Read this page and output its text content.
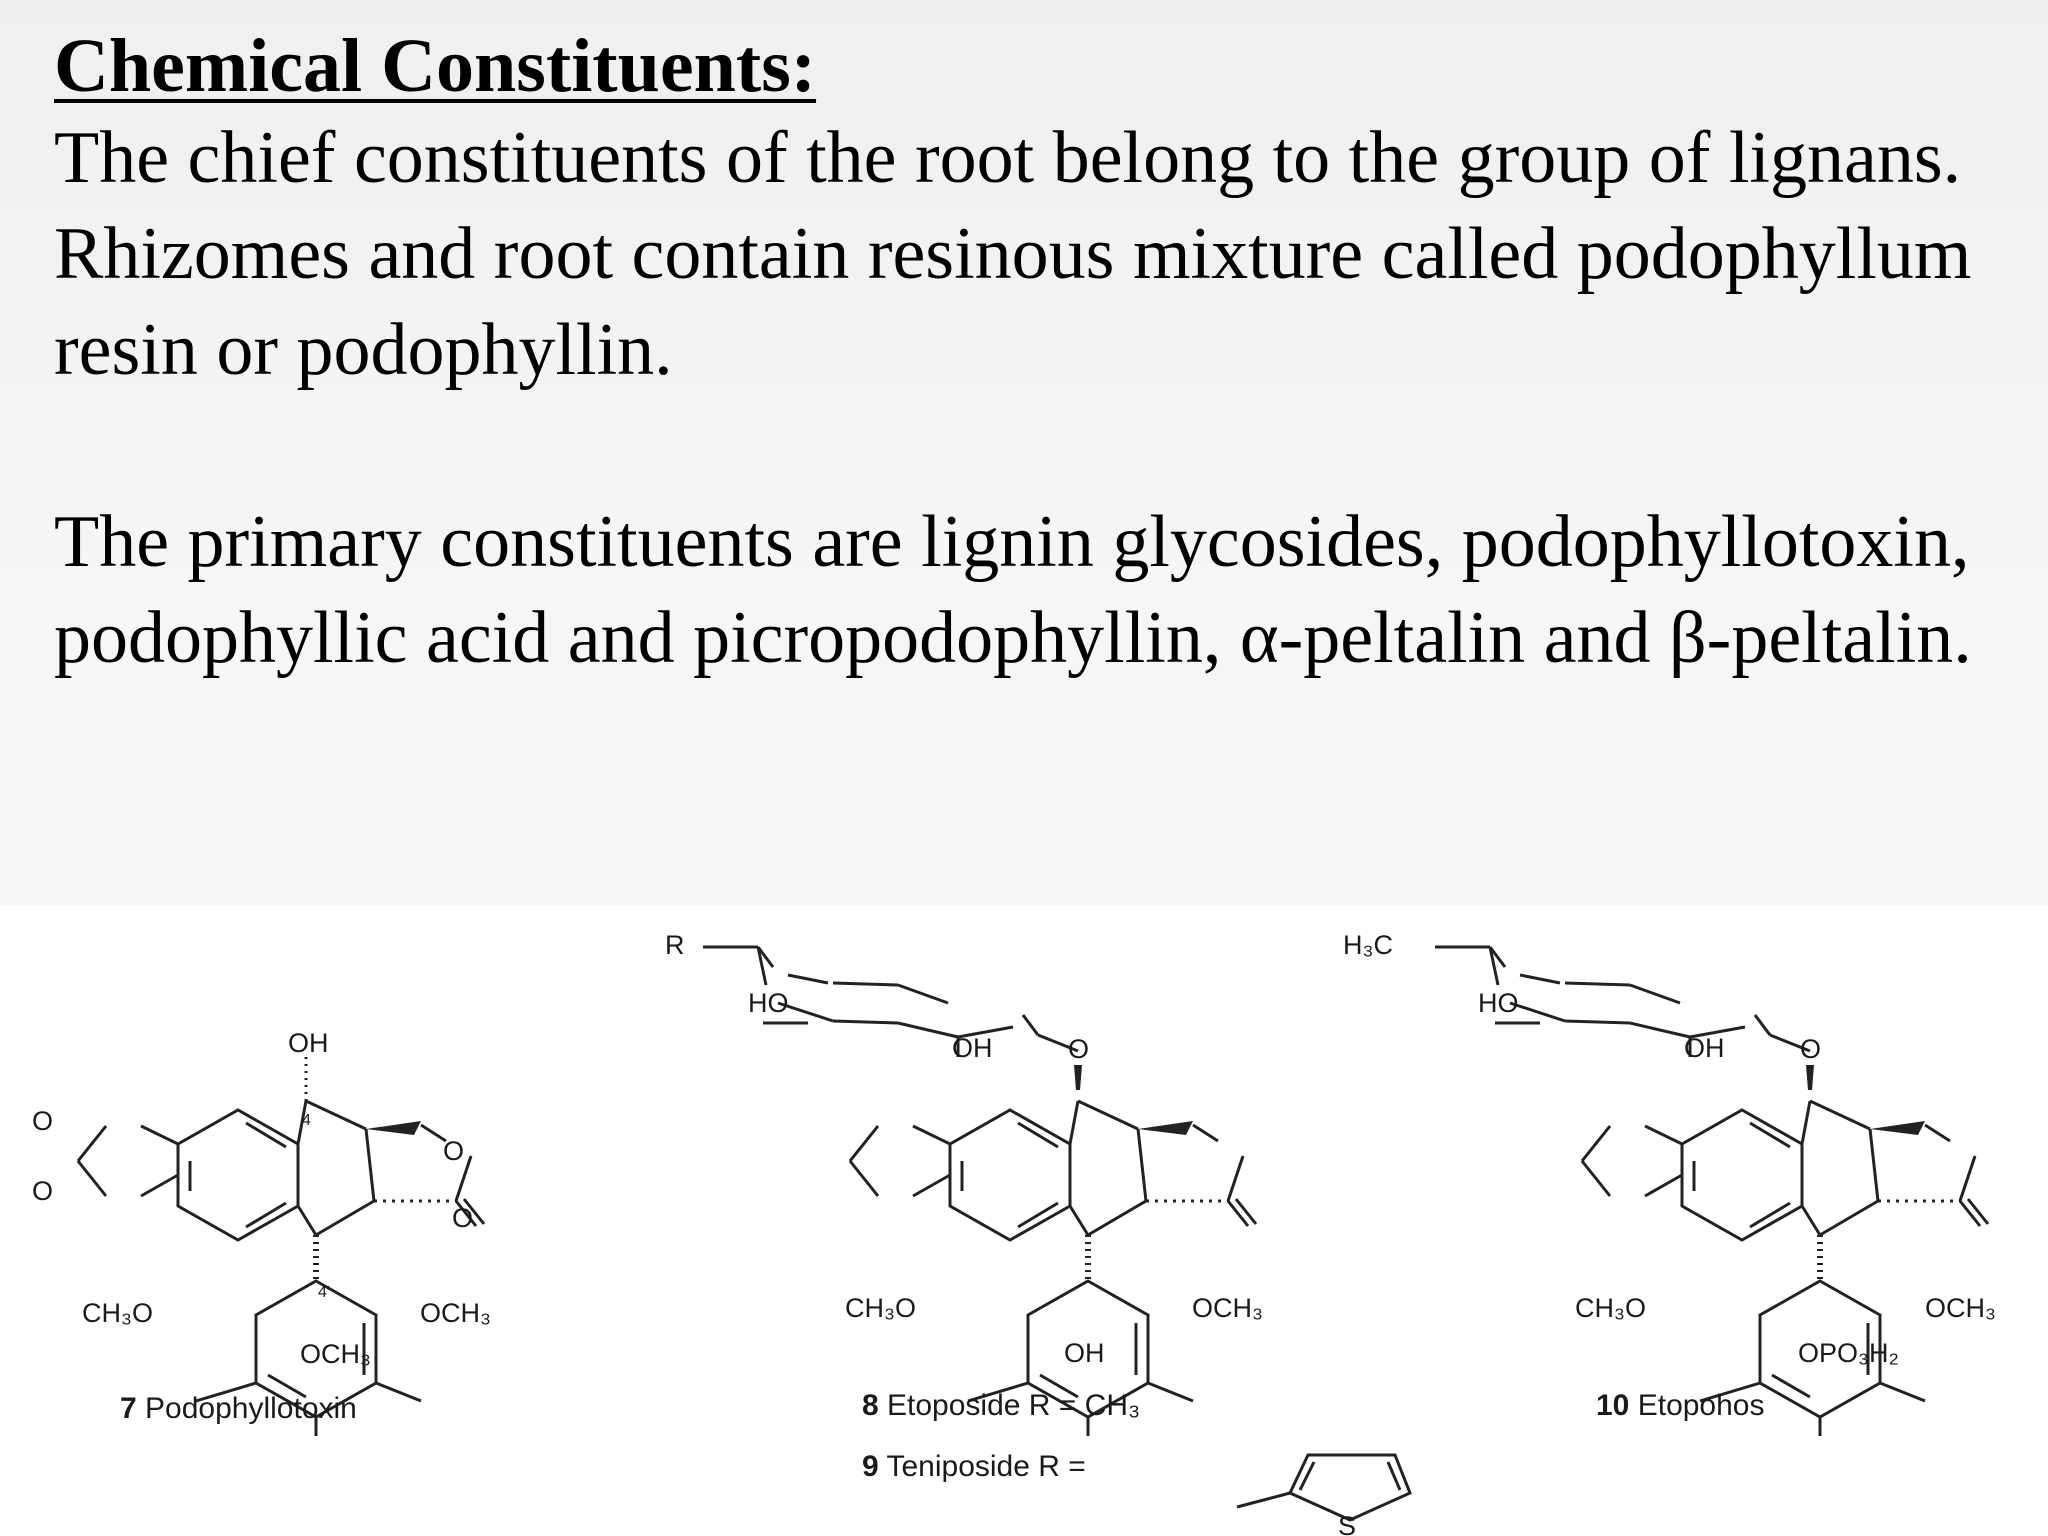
Chemical Constituents:

The chief constituents of the root belong to the group of lignans.

Rhizomes and root contain resinous mixture called podophyllum resin or podophyllin.

The primary constituents are lignin glycosides, podophyllotoxin, podophyllic acid and picropodophyllin, α-peltalin and β-peltalin.

OH
4
4'
CH₃O	OCH₃
OCH₃
O
O
O
O
7 Podophyllotoxin
R
HO
OH
CH₃O	OCH₃
OH
O
8 Etoposide R = CH₃
9 Teniposide R =
S
H₃C
HO
OH
CH₃O	OCH₃
OPO₃H₂
O
10 Etopohos
